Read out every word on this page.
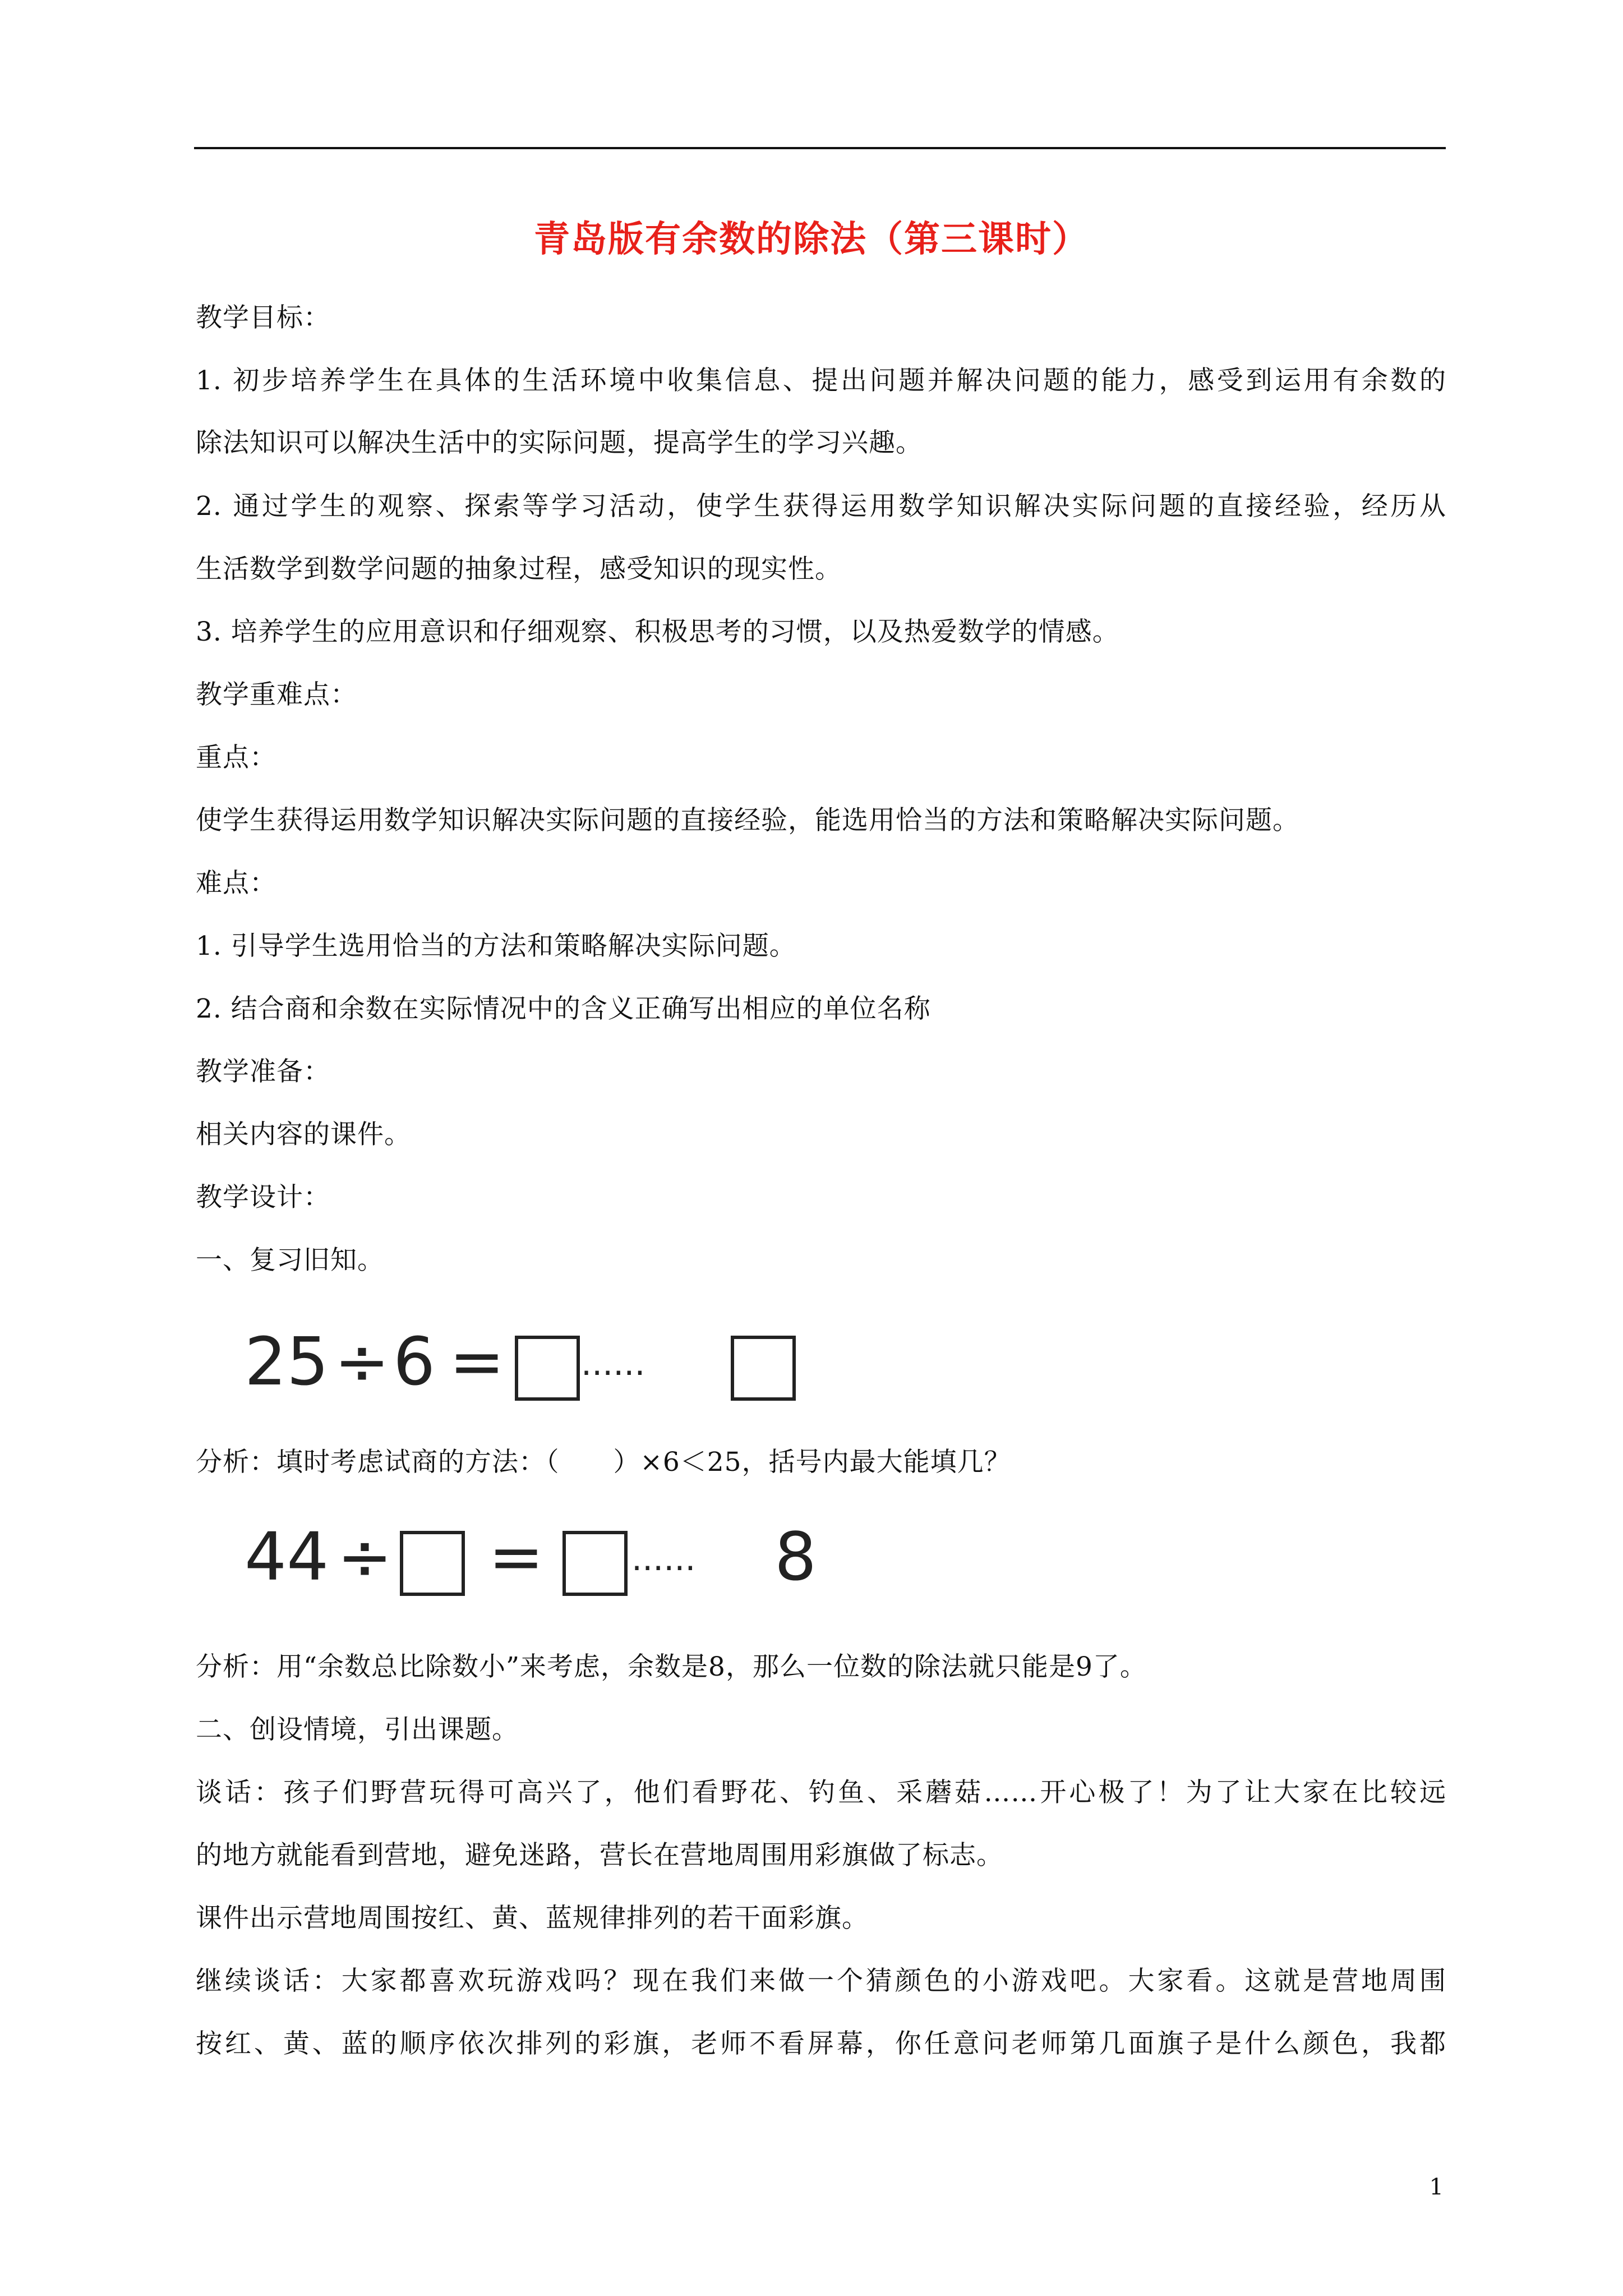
青岛版有余数的除法（第三课时）
教学目标：
1. 初步培养学生在具体的生活环境中收集信息、提出问题并解决问题的能力，感受到运用有余数的
除法知识可以解决生活中的实际问题，提高学生的学习兴趣。
2. 通过学生的观察、探索等学习活动，使学生获得运用数学知识解决实际问题的直接经验，经历从
生活数学到数学问题的抽象过程，感受知识的现实性。
3. 培养学生的应用意识和仔细观察、积极思考的习惯，以及热爱数学的情感。
教学重难点：
重点：
使学生获得运用数学知识解决实际问题的直接经验，能选用恰当的方法和策略解决实际问题。
难点：
1. 引导学生选用恰当的方法和策略解决实际问题。
2. 结合商和余数在实际情况中的含义正确写出相应的单位名称
教学准备：
相关内容的课件。
教学设计：
一、复习旧知。
25 ÷ 6 = ······
分析：填时考虑试商的方法：（　　）×6＜25，括号内最大能填几？
44 ÷ =	······ 8
分析：用“余数总比除数小”来考虑，余数是8，那么一位数的除法就只能是9了。
二、创设情境，引出课题。
谈话：孩子们野营玩得可高兴了，他们看野花、钓鱼、采蘑菇……开心极了！为了让大家在比较远
的地方就能看到营地，避免迷路，营长在营地周围用彩旗做了标志。
课件出示营地周围按红、黄、蓝规律排列的若干面彩旗。
继续谈话：大家都喜欢玩游戏吗？现在我们来做一个猜颜色的小游戏吧。大家看。这就是营地周围
按红、黄、蓝的顺序依次排列的彩旗，老师不看屏幕，你任意问老师第几面旗子是什么颜色，我都
1
